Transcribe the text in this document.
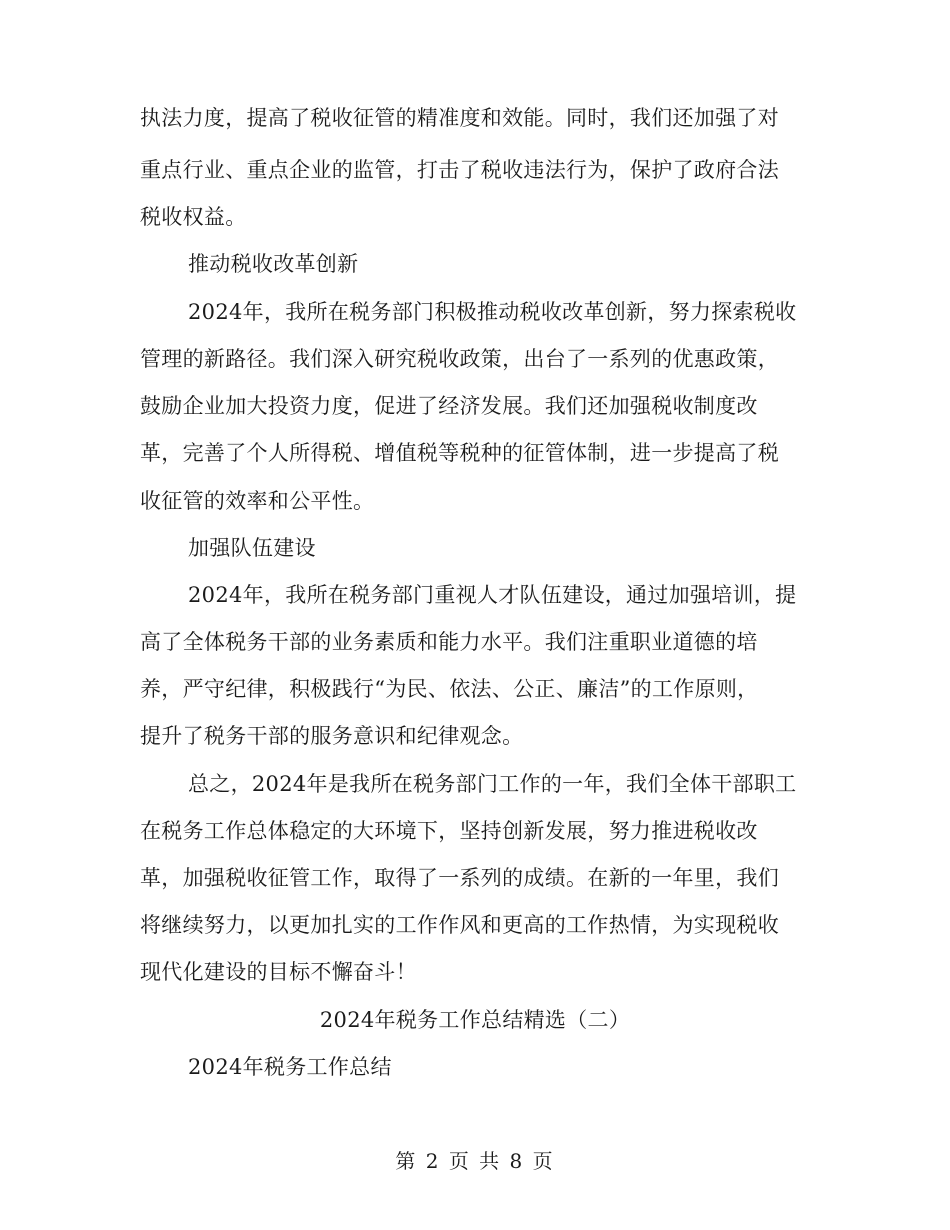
执法力度，提高了税收征管的精准度和效能。同时，我们还加强了对
重点行业、重点企业的监管，打击了税收违法行为，保护了政府合法
税收权益。
推动税收改革创新
2024年，我所在税务部门积极推动税收改革创新，努力探索税收
管理的新路径。我们深入研究税收政策，出台了一系列的优惠政策，
鼓励企业加大投资力度，促进了经济发展。我们还加强税收制度改
革，完善了个人所得税、增值税等税种的征管体制，进一步提高了税
收征管的效率和公平性。
加强队伍建设
2024年，我所在税务部门重视人才队伍建设，通过加强培训，提
高了全体税务干部的业务素质和能力水平。我们注重职业道德的培
养，严守纪律，积极践行“为民、依法、公正、廉洁”的工作原则，
提升了税务干部的服务意识和纪律观念。
总之，2024年是我所在税务部门工作的一年，我们全体干部职工
在税务工作总体稳定的大环境下，坚持创新发展，努力推进税收改
革，加强税收征管工作，取得了一系列的成绩。在新的一年里，我们
将继续努力，以更加扎实的工作作风和更高的工作热情，为实现税收
现代化建设的目标不懈奋斗！
2024年税务工作总结精选（二）
2024年税务工作总结
第 2 页 共 8 页
